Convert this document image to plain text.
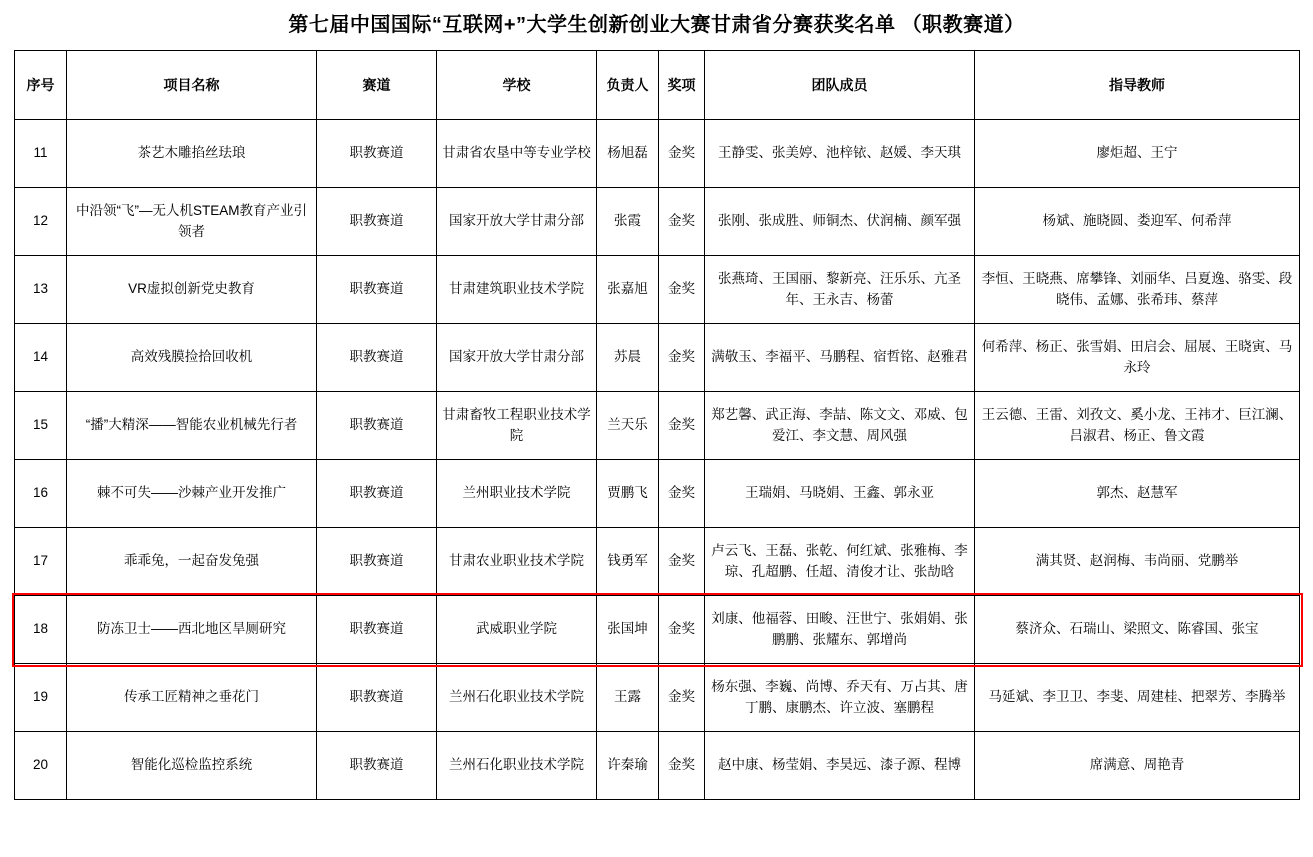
第七届中国国际“互联网+”大学生创新创业大赛甘肃省分赛获奖名单 （职教赛道）
序号	项目名称	赛道	学校	负责人	奖项	团队成员	指导教师
11	茶艺木雕掐丝珐琅	职教赛道	甘肃省农垦中等专业学校	杨旭磊	金奖	王静雯、张美婷、池梓铱、赵媛、李天琪	廖炬超、王宁
12	中沿领“飞”—无人机STEAM教育产业引领者	职教赛道	国家开放大学甘肃分部	张霞	金奖	张刚、张成胜、师铜杰、伏润楠、颜军强	杨斌、施晓圆、娄迎军、何希萍
13	VR虚拟创新党史教育	职教赛道	甘肃建筑职业技术学院	张嘉旭	金奖	张燕琦、王国丽、黎新亮、汪乐乐、亢圣年、王永吉、杨蕾	李恒、王晓燕、席攀锋、刘丽华、吕夏逸、骆雯、段晓伟、孟娜、张希玮、蔡萍
14	高效残膜捡拾回收机	职教赛道	国家开放大学甘肃分部	苏晨	金奖	满敬玉、李福平、马鹏程、宿哲铭、赵雅君	何希萍、杨正、张雪娟、田启会、屈展、王晓寅、马永玲
15	“播”大精深——智能农业机械先行者	职教赛道	甘肃畜牧工程职业技术学院	兰天乐	金奖	郑艺馨、武正海、李喆、陈文文、邓威、包爱江、李文慧、周风强	王云德、王雷、刘孜文、奚小龙、王祎才、巨江澜、吕淑君、杨正、鲁文霞
16	棘不可失——沙棘产业开发推广	职教赛道	兰州职业技术学院	贾鹏飞	金奖	王瑞娟、马晓娟、王鑫、郭永亚	郭杰、赵慧军
17	乖乖兔，一起奋发兔强	职教赛道	甘肃农业职业技术学院	钱勇军	金奖	卢云飞、王磊、张乾、何红斌、张雅梅、李琼、孔超鹏、任超、清俊才让、张劼晗	满其贤、赵润梅、韦尚丽、党鹏举
18	防冻卫士——西北地区旱厕研究	职教赛道	武威职业学院	张国坤	金奖	刘康、他福蓉、田畯、汪世宁、张娟娟、张鹏鹏、张耀东、郭增尚	蔡济众、石瑞山、梁照文、陈睿国、张宝
19	传承工匠精神之垂花门	职教赛道	兰州石化职业技术学院	王露	金奖	杨东强、李巍、尚博、乔天有、万占其、唐丁鹏、康鹏杰、许立波、塞鹏程	马延斌、李卫卫、李斐、周建桂、把翠芳、李腾举
20	智能化巡检监控系统	职教赛道	兰州石化职业技术学院	许秦瑜	金奖	赵中康、杨莹娟、李昊远、漆子源、程博	席满意、周艳青
